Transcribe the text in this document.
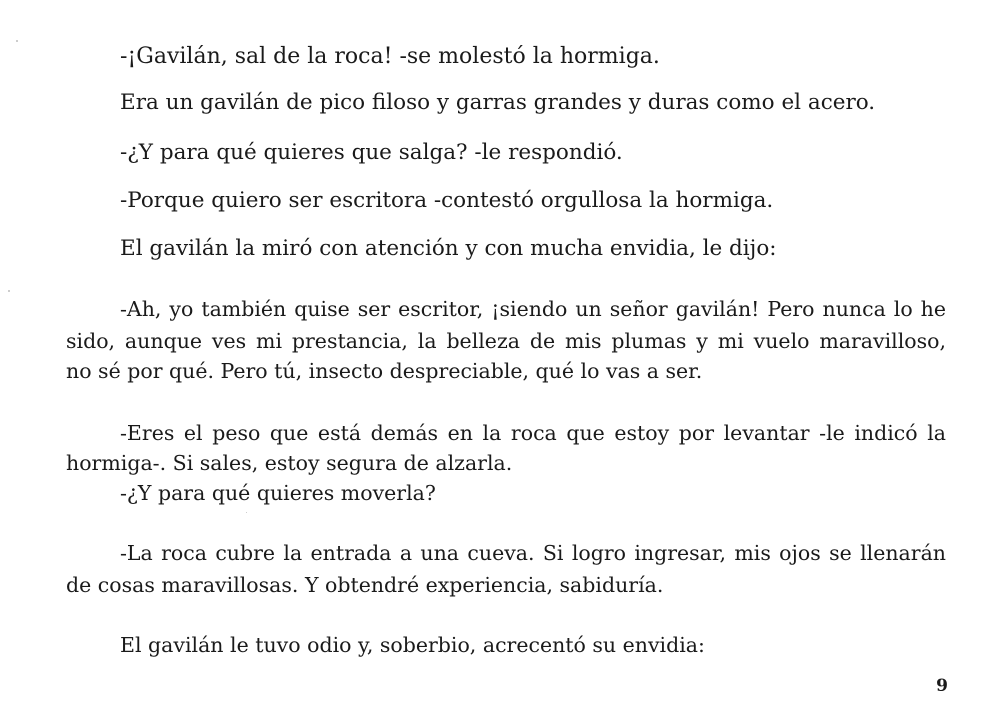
-¡Gavilán, sal de la roca! -se molestó la hormiga.

Era un gavilán de pico filoso y garras grandes y duras como el acero.

-¿Y para qué quieres que salga? -le respondió.

-Porque quiero ser escritora -contestó orgullosa la hormiga.

El gavilán la miró con atención y con mucha envidia, le dijo:

-Ah, yo también quise ser escritor, ¡siendo un señor gavilán! Pero nunca lo he

sido, aunque ves mi prestancia, la belleza de mis plumas y mi vuelo maravilloso,

no sé por qué. Pero tú, insecto despreciable, qué lo vas a ser.

-Eres el peso que está demás en la roca que estoy por levantar -le indicó la

hormiga-. Si sales, estoy segura de alzarla.

-¿Y para qué quieres moverla?

-La roca cubre la entrada a una cueva. Si logro ingresar, mis ojos se llenarán

de cosas maravillosas. Y obtendré experiencia, sabiduría.

El gavilán le tuvo odio y, soberbio, acrecentó su envidia:

9
